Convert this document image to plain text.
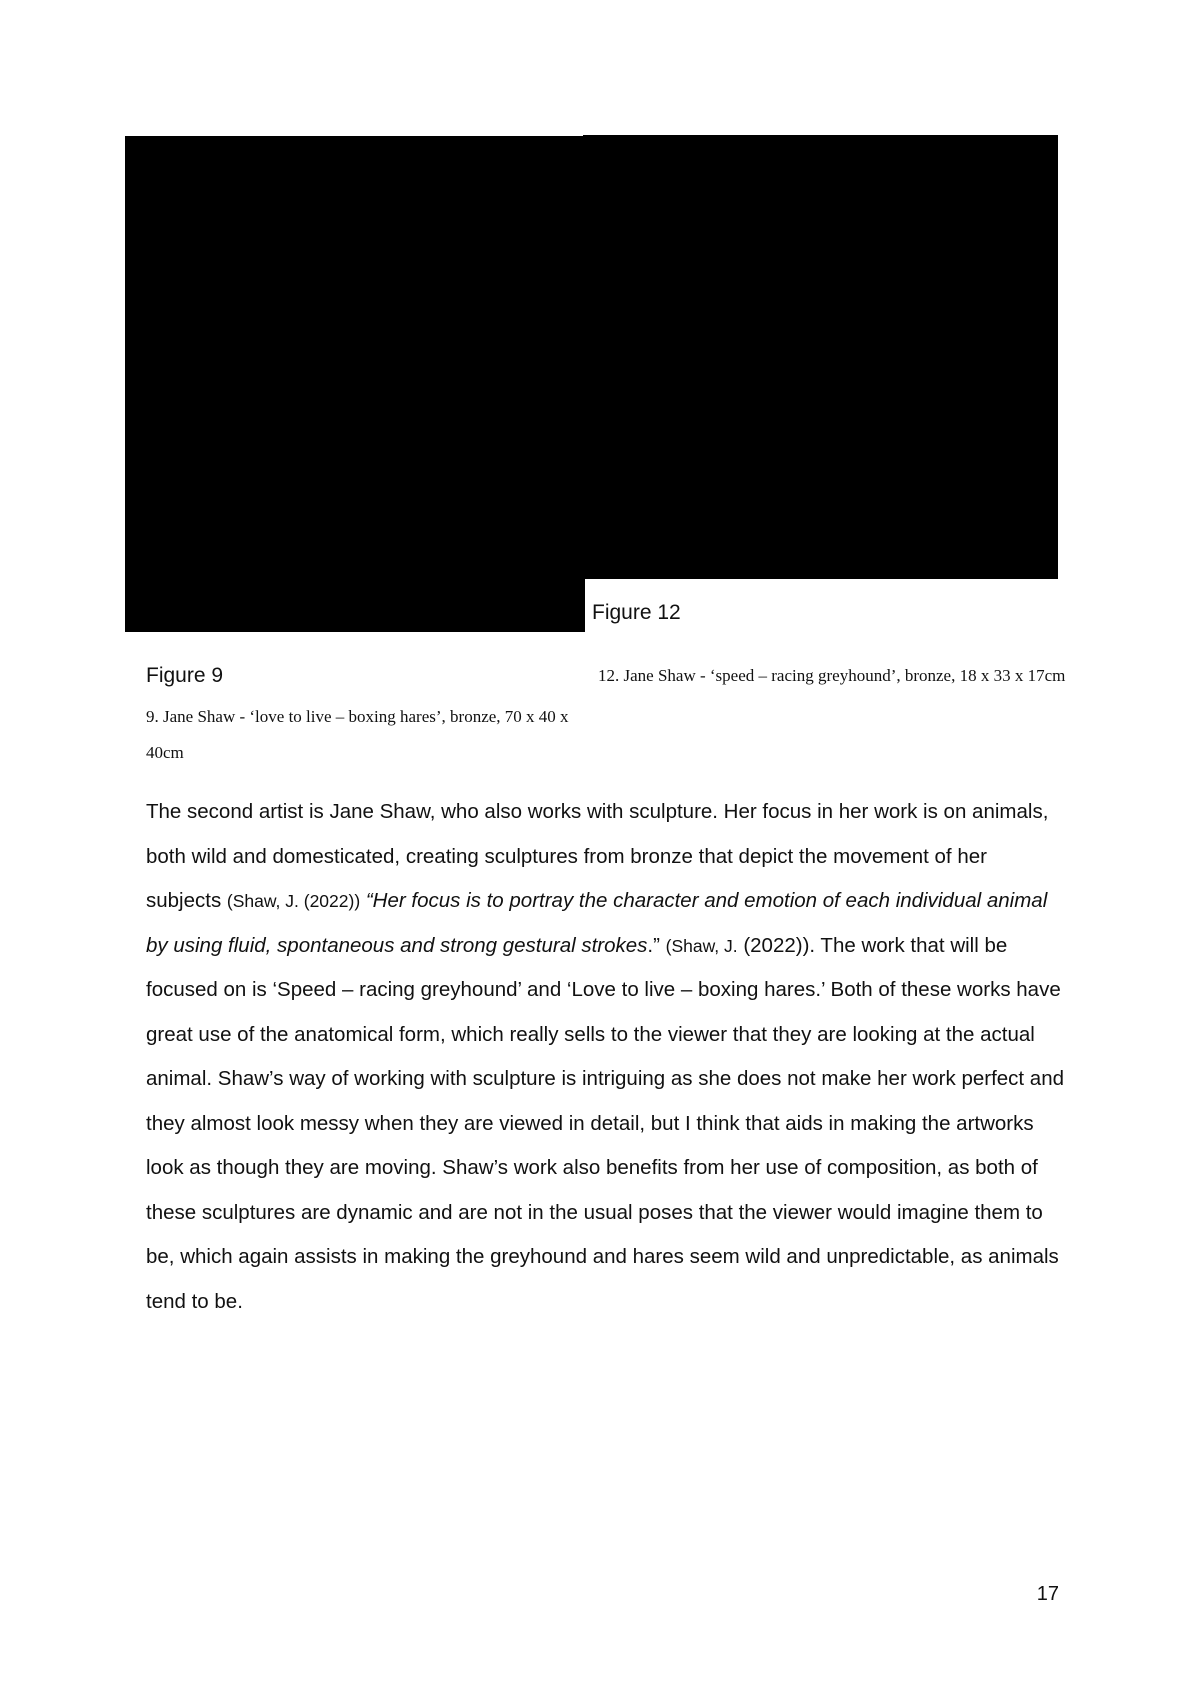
Figure 12
12. Jane Shaw - ‘speed – racing greyhound’, bronze, 18 x 33 x 17cm
Figure 9
9. Jane Shaw - ‘love to live – boxing hares’, bronze, 70 x 40 x 40cm
The second artist is Jane Shaw, who also works with sculpture. Her focus in her work is on animals, both wild and domesticated, creating sculptures from bronze that depict the movement of her subjects (Shaw, J. (2022)) “Her focus is to portray the character and emotion of each individual animal by using fluid, spontaneous and strong gestural strokes.” (Shaw, J. (2022)). The work that will be focused on is ‘Speed – racing greyhound’ and ‘Love to live – boxing hares.’ Both of these works have great use of the anatomical form, which really sells to the viewer that they are looking at the actual animal. Shaw’s way of working with sculpture is intriguing as she does not make her work perfect and they almost look messy when they are viewed in detail, but I think that aids in making the artworks look as though they are moving. Shaw’s work also benefits from her use of composition, as both of these sculptures are dynamic and are not in the usual poses that the viewer would imagine them to be, which again assists in making the greyhound and hares seem wild and unpredictable, as animals tend to be.
17
